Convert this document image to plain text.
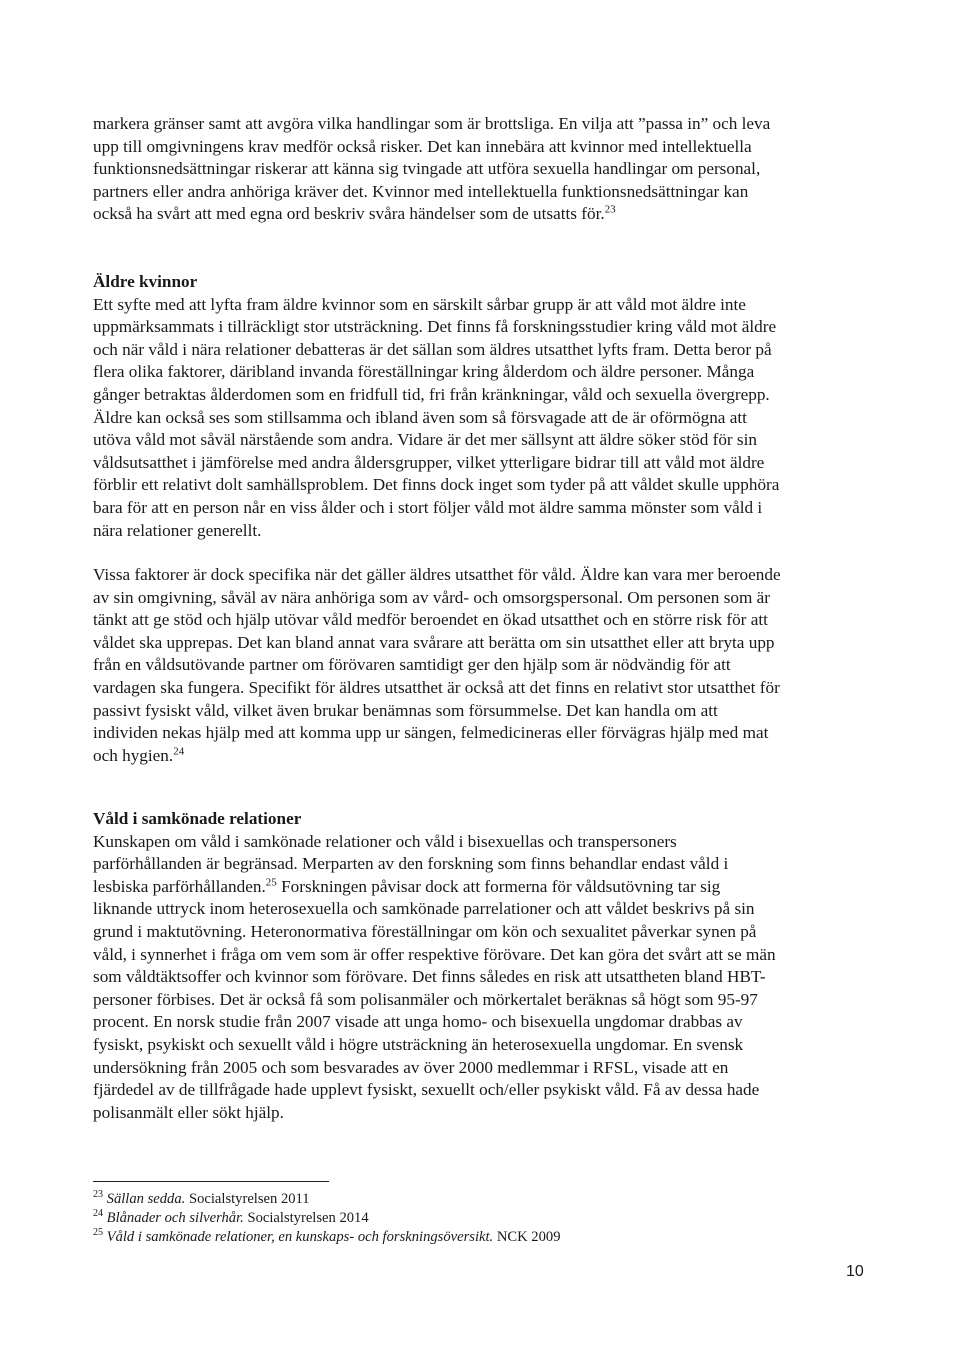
markera gränser samt att avgöra vilka handlingar som är brottsliga. En vilja att ”passa in” och leva
upp till omgivningens krav medför också risker. Det kan innebära att kvinnor med intellektuella
funktionsnedsättningar riskerar att känna sig tvingade att utföra sexuella handlingar om personal,
partners eller andra anhöriga kräver det. Kvinnor med intellektuella funktionsnedsättningar kan
också ha svårt att med egna ord beskriv svåra händelser som de utsatts för.$^{23}$

Äldre kvinnor

Ett syfte med att lyfta fram äldre kvinnor som en särskilt sårbar grupp är att våld mot äldre inte
uppmärksammats i tillräckligt stor utsträckning. Det finns få forskningsstudier kring våld mot äldre
och när våld i nära relationer debatteras är det sällan som äldres utsatthet lyfts fram. Detta beror på
flera olika faktorer, däribland invanda föreställningar kring ålderdom och äldre personer. Många
gånger betraktas ålderdomen som en fridfull tid, fri från kränkningar, våld och sexuella övergrepp.
Äldre kan också ses som stillsamma och ibland även som så försvagade att de är oförmögna att
utöva våld mot såväl närstående som andra. Vidare är det mer sällsynt att äldre söker stöd för sin
våldsutsatthet i jämförelse med andra åldersgrupper, vilket ytterligare bidrar till att våld mot äldre
förblir ett relativt dolt samhällsproblem. Det finns dock inget som tyder på att våldet skulle upphöra
bara för att en person når en viss ålder och i stort följer våld mot äldre samma mönster som våld i
nära relationer generellt.

Vissa faktorer är dock specifika när det gäller äldres utsatthet för våld. Äldre kan vara mer beroende
av sin omgivning, såväl av nära anhöriga som av vård- och omsorgspersonal. Om personen som är
tänkt att ge stöd och hjälp utövar våld medför beroendet en ökad utsatthet och en större risk för att
våldet ska upprepas. Det kan bland annat vara svårare att berätta om sin utsatthet eller att bryta upp
från en våldsutövande partner om förövaren samtidigt ger den hjälp som är nödvändig för att
vardagen ska fungera. Specifikt för äldres utsatthet är också att det finns en relativt stor utsatthet för
passivt fysiskt våld, vilket även brukar benämnas som försummelse. Det kan handla om att
individen nekas hjälp med att komma upp ur sängen, felmedicineras eller förvägras hjälp med mat
och hygien.$^{24}$

Våld i samkönade relationer

Kunskapen om våld i samkönade relationer och våld i bisexuellas och transpersoners
parförhållanden är begränsad. Merparten av den forskning som finns behandlar endast våld i
lesbiska parförhållanden.$^{25}$ Forskningen påvisar dock att formerna för våldsutövning tar sig
liknande uttryck inom heterosexuella och samkönade parrelationer och att våldet beskrivs på sin
grund i maktutövning. Heteronormativa föreställningar om kön och sexualitet påverkar synen på
våld, i synnerhet i fråga om vem som är offer respektive förövare. Det kan göra det svårt att se män
som våldtäktsoffer och kvinnor som förövare. Det finns således en risk att utsattheten bland HBT-
personer förbises. Det är också få som polisanmäler och mörkertalet beräknas så högt som 95-97
procent. En norsk studie från 2007 visade att unga homo- och bisexuella ungdomar drabbas av
fysiskt, psykiskt och sexuellt våld i högre utsträckning än heterosexuella ungdomar. En svensk
undersökning från 2005 och som besvarades av över 2000 medlemmar i RFSL, visade att en
fjärdedel av de tillfrågade hade upplevt fysiskt, sexuellt och/eller psykiskt våld. Få av dessa hade
polisanmält eller sökt hjälp.

$^{23}$ Sällan sedda. Socialstyrelsen 2011
$^{24}$ Blånader och silverhår. Socialstyrelsen 2014
$^{25}$ Våld i samkönade relationer, en kunskaps- och forskningsöversikt. NCK 2009
10
